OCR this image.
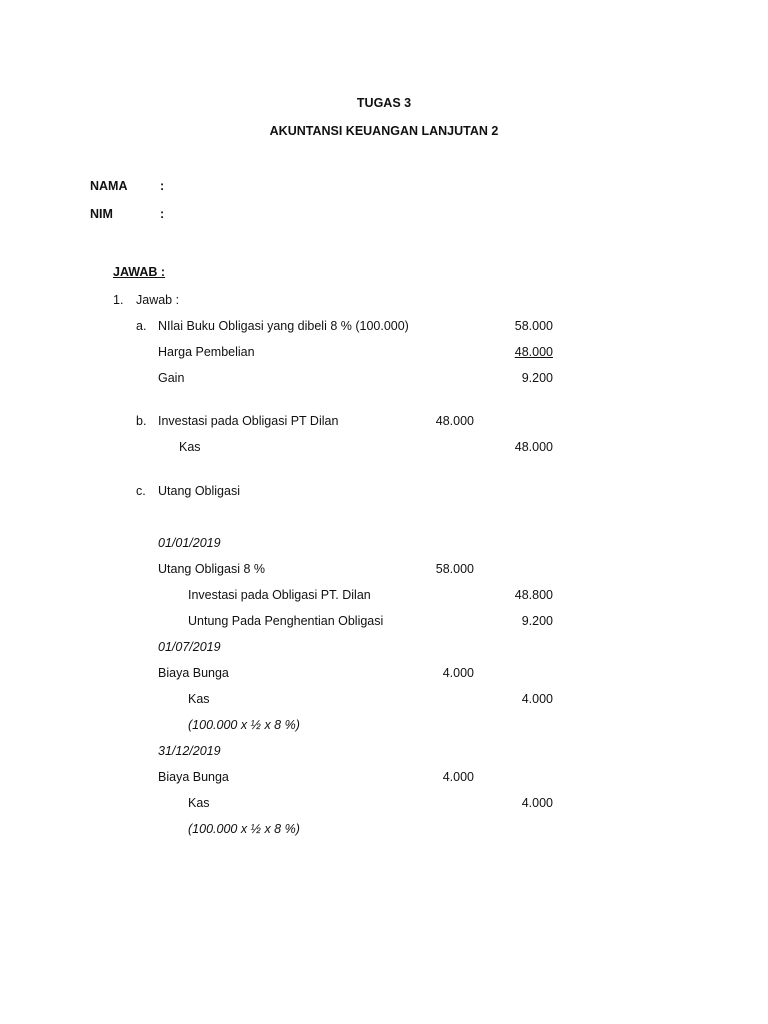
TUGAS 3
AKUNTANSI KEUANGAN LANJUTAN 2
NAMA	:
NIM	:
JAWAB :
1. Jawab :
a. NIlai Buku Obligasi yang dibeli 8 % (100.000)	58.000
Harga Pembelian	48.000
Gain	9.200
b. Investasi pada Obligasi PT Dilan	48.000
Kas	48.000
c. Utang Obligasi
01/01/2019
Utang Obligasi 8 %	58.000
Investasi pada Obligasi PT. Dilan	48.800
Untung Pada Penghentian Obligasi	9.200
01/07/2019
Biaya Bunga	4.000
Kas	4.000
(100.000 x ½ x 8 %)
31/12/2019
Biaya Bunga	4.000
Kas	4.000
(100.000 x ½ x 8 %)
